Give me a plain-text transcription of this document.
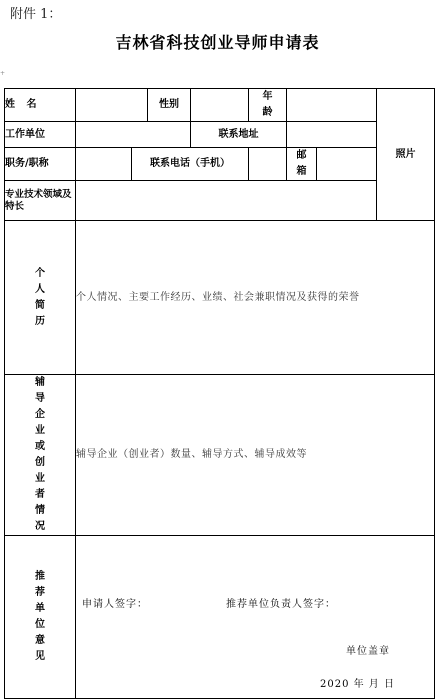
附件 1：
吉林省科技创业导师申请表
+
姓 名			性别		年龄			照片
工作单位				联系地址				
职务/职称		联系电话（手机）				邮箱		

专业技术领域及特长								

个人简历	个人情况、主要工作经历、业绩、社会兼职情况及获得的荣誉							

辅导企业或创业者情况	辅导企业（创业者）数量、辅导方式、辅导成效等							

推荐单位意见	申请人签字： 推荐单位负责人签字：
单位盖章
2020 年 月 日							
